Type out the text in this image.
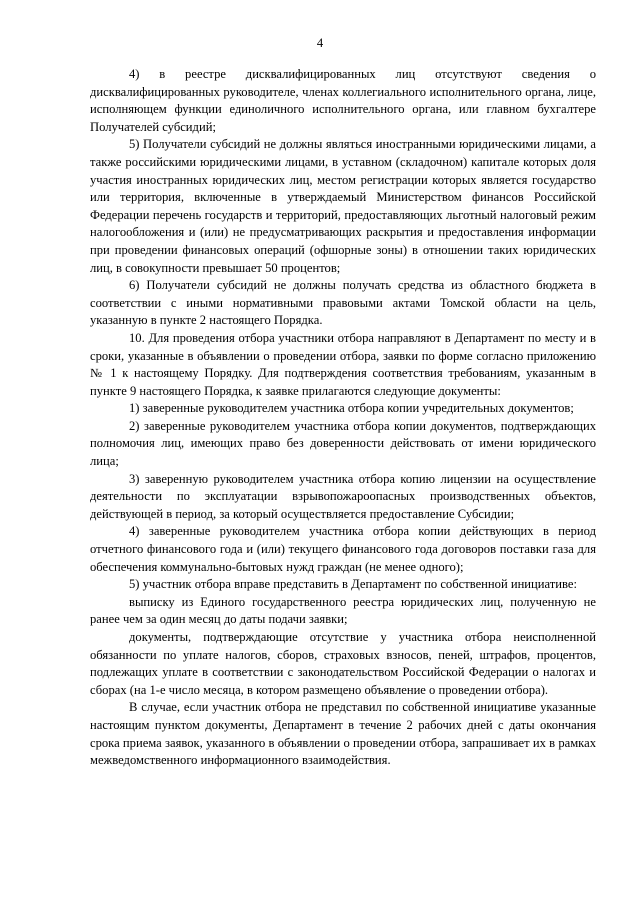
4

4) в реестре дисквалифицированных лиц отсутствуют сведения о дисквалифицированных руководителе, членах коллегиального исполнительного органа, лице, исполняющем функции единоличного исполнительного органа, или главном бухгалтере Получателей субсидий;

5) Получатели субсидий не должны являться иностранными юридическими лицами, а также российскими юридическими лицами, в уставном (складочном) капитале которых доля участия иностранных юридических лиц, местом регистрации которых является государство или территория, включенные в утверждаемый Министерством финансов Российской Федерации перечень государств и территорий, предоставляющих льготный налоговый режим налогообложения и (или) не предусматривающих раскрытия и предоставления информации при проведении финансовых операций (офшорные зоны) в отношении таких юридических лиц, в совокупности превышает 50 процентов;

6) Получатели субсидий не должны получать средства из областного бюджета в соответствии с иными нормативными правовыми актами Томской области на цель, указанную в пункте 2 настоящего Порядка.

10. Для проведения отбора участники отбора направляют в Департамент по месту и в сроки, указанные в объявлении о проведении отбора, заявки по форме согласно приложению № 1 к настоящему Порядку. Для подтверждения соответствия требованиям, указанным в пункте 9 настоящего Порядка, к заявке прилагаются следующие документы:

1) заверенные руководителем участника отбора копии учредительных документов;

2) заверенные руководителем участника отбора копии документов, подтверждающих полномочия лиц, имеющих право без доверенности действовать от имени юридического лица;

3) заверенную руководителем участника отбора копию лицензии на осуществление деятельности по эксплуатации взрывопожароопасных производственных объектов, действующей в период, за который осуществляется предоставление Субсидии;

4) заверенные руководителем участника отбора копии действующих в период отчетного финансового года и (или) текущего финансового года договоров поставки газа для обеспечения коммунально-бытовых нужд граждан (не менее одного);

5) участник отбора вправе представить в Департамент по собственной инициативе:

выписку из Единого государственного реестра юридических лиц, полученную не ранее чем за один месяц до даты подачи заявки;

документы, подтверждающие отсутствие у участника отбора неисполненной обязанности по уплате налогов, сборов, страховых взносов, пеней, штрафов, процентов, подлежащих уплате в соответствии с законодательством Российской Федерации о налогах и сборах (на 1-е число месяца, в котором размещено объявление о проведении отбора).

В случае, если участник отбора не представил по собственной инициативе указанные настоящим пунктом документы, Департамент в течение 2 рабочих дней с даты окончания срока приема заявок, указанного в объявлении о проведении отбора, запрашивает их в рамках межведомственного информационного взаимодействия.
